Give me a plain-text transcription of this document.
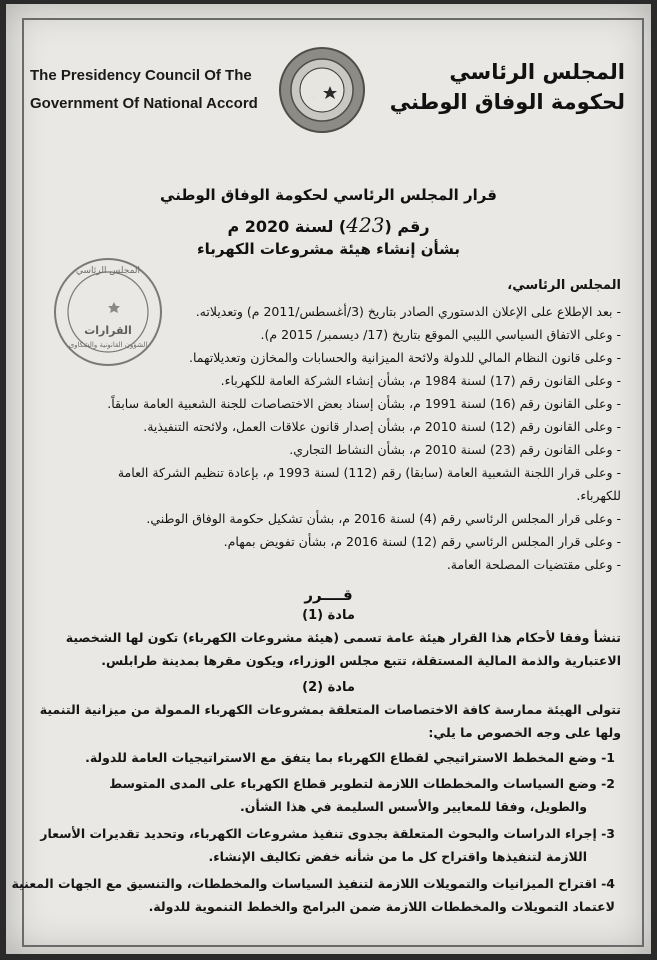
The Presidency Council Of The
Government Of National Accord
المجلس الرئاسي
لحكومة الوفاق الوطني
قرار المجلس الرئاسي لحكومة الوفاق الوطني
رقم (423) لسنة 2020 م
بشأن إنشاء هيئة مشروعات الكهرباء
المجلس الرئاسي
القرارات
الشؤون القانونية والشكاوى
المجلس الرئاسي،
- بعد الإطلاع على الإعلان الدستوري الصادر بتاريخ (3/أغسطس/2011 م) وتعديلاته.
- وعلى الاتفاق السياسي الليبي الموقع بتاريخ (17/ ديسمبر/ 2015 م).
- وعلى قانون النظام المالي للدولة ولائحة الميزانية والحسابات والمخازن وتعديلاتهما.
- وعلى القانون رقم (17) لسنة 1984 م، بشأن إنشاء الشركة العامة للكهرباء.
- وعلى القانون رقم (16) لسنة 1991 م، بشأن إسناد بعض الاختصاصات للجنة الشعبية العامة سابقاً.
- وعلى القانون رقم (12) لسنة 2010 م، بشأن إصدار قانون علاقات العمل، ولائحته التنفيذية.
- وعلى القانون رقم (23) لسنة 2010 م، بشأن النشاط التجاري.
- وعلى قرار اللجنة الشعبية العامة (سابقا) رقم (112) لسنة 1993 م، بإعادة تنظيم الشركة العامة
للكهرباء.
- وعلى قرار المجلس الرئاسي رقم (4) لسنة 2016 م، بشأن تشكيل حكومة الوفاق الوطني.
- وعلى قرار المجلس الرئاسي رقم (12) لسنة 2016 م، بشأن تفويض بمهام.
- وعلى مقتضيات المصلحة العامة.
قــــرر
مادة (1)
تنشأ وفقا لأحكام هذا القرار هيئة عامة تسمى (هيئة مشروعات الكهرباء) تكون لها الشخصية
الاعتبارية والذمة المالية المستقلة، تتبع مجلس الوزراء، ويكون مقرها بمدينة طرابلس.
مادة (2)
تتولى الهيئة ممارسة كافة الاختصاصات المتعلقة بمشروعات الكهرباء الممولة من ميزانية التنمية
ولها على وجه الخصوص ما يلي:
1- وضع المخطط الاستراتيجي لقطاع الكهرباء بما يتفق مع الاستراتيجيات العامة للدولة.
2- وضع السياسات والمخططات اللازمة لتطوير قطاع الكهرباء على المدى المتوسط
والطويل، وفقا للمعايير والأسس السليمة في هذا الشأن.
3- إجراء الدراسات والبحوث المتعلقة بجدوى تنفيذ مشروعات الكهرباء، وتحديد تقديرات الأسعار
اللازمة لتنفيذها واقتراح كل ما من شأنه خفض تكاليف الإنشاء.
4- اقتراح الميزانيات والتمويلات اللازمة لتنفيذ السياسات والمخططات، والتنسيق مع الجهات المعنية
لاعتماد التمويلات والمخططات اللازمة ضمن البرامج والخطط التنموية للدولة.
